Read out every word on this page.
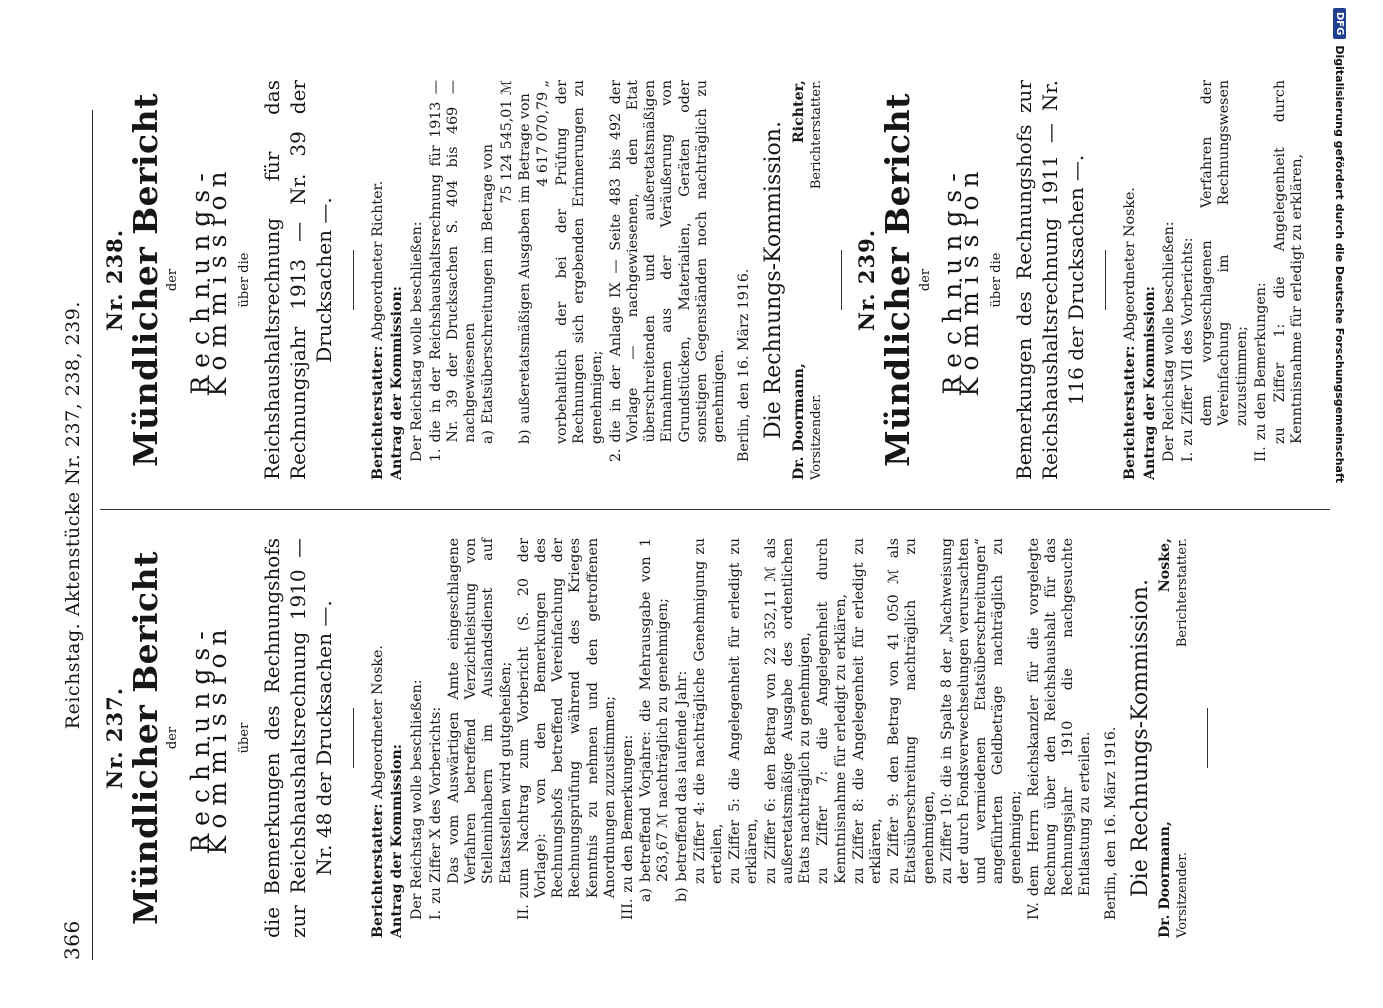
366
Reichstag. Aktenstücke Nr. 237, 238, 239.
Nr. 237. Mündlicher Bericht der Rechnungs-Kommission über die Bemerkungen des Rechnungshofs zur Reichshaushaltsrechnung 1910 — Nr. 48 der Drucksachen —. Berichterstatter: Abgeordneter Noske.
Antrag der Kommission: Der Reichstag wolle beschließen: I.
zu Ziffer X des Vorberichts: Das vom Auswärtigen Amte eingeschlagene Verfahren betreffend Verzichtleistung von Stelleninhabern im Auslandsdienst auf Etatsstellen wird gutgeheißen;
II.
zum Nachtrag zum Vorbericht (S. 20 der Vorlage): von den Bemerkungen des Rechnungshofs betreffend Vereinfachung der Rechnungsprüfung während des Krieges Kenntnis zu nehmen und den getroffenen Anordnungen zuzustimmen;
III.
zu den Bemerkungen:
a)
betreffend Vorjahre: die Mehrausgabe von 1 263,67 ℳ nachträglich zu genehmigen;
b)
betreffend das laufende Jahr: zu Ziffer 4: die nachträgliche Genehmigung zu erteilen, zu Ziffer 5: die Angelegenheit für erledigt zu erklären, zu Ziffer 6: den Betrag von 22 352,11 ℳ als außeretatsmäßige Ausgabe des ordentlichen Etats nachträglich zu genehmigen, zu Ziffer 7: die Angelegenheit durch Kenntnisnahme für erledigt zu erklären, zu Ziffer 8: die Angelegenheit für erledigt zu erklären, zu Ziffer 9: den Betrag von 41 050 ℳ als Etatsüberschreitung nachträglich zu genehmigen, zu Ziffer 10: die in Spalte 8 der „Nachweisung der durch Fondsverwechselungen verursachten und vermiedenen Etatsüberschreitungen“ angeführten Geldbeträge nachträglich zu genehmigen;
IV.
dem Herrn Reichskanzler für die vorgelegte Rechnung über den Reichshaushalt für das Rechnungsjahr 1910 die nachgesuchte Entlastung zu erteilen. Berlin, den 16. März 1916. Die Rechnungs-Kommission. Dr. Doormann, Vorsitzender.
Noske, Berichterstatter.
Nr. 238. Mündlicher Bericht der Rechnungs-Kommission über die Reichshaushaltsrechnung für das Rechnungsjahr 1913 — Nr. 39 der Drucksachen —.
Berichterstatter: Abgeordneter Richter.
Antrag der Kommission: Der Reichstag wolle beschließen: 1.
die in der Reichshaushaltsrechnung für 1913 — Nr. 39 der Drucksachen S. 404 bis 469 — nachgewiesenen a)
Etatsüberschreitungen im Betrage von
75 124 545,01 ℳ
b)
außeretatsmäßigen Ausgaben im Betrage von 4 617 070,79 „ vorbehaltlich der bei der Prüfung der Rechnungen sich ergebenden Erinnerungen zu genehmigen;
2.
die in der Anlage IX — Seite 483 bis 492 der Vorlage — nachgewiesenen, den Etat überschreitenden und außeretatsmäßigen Einnahmen aus der Veräußerung von Grundstücken, Materialien, Geräten oder sonstigen Gegenständen noch nachträglich zu genehmigen. Berlin, den 16. März 1916. Die Rechnungs-Kommission. Dr. Doormann, Vorsitzender.
Richter, Berichterstatter.
Nr. 239. Mündlicher Bericht der Rechnungs-Kommission über die Bemerkungen des Rechnungshofs zur Reichshaushaltsrechnung 1911 — Nr. 116 der Drucksachen —.
Berichterstatter: Abgeordneter Noske.
Antrag der Kommission: Der Reichstag wolle beschließen: I.
zu Ziffer VII des Vorberichts: dem vorgeschlagenen Verfahren der Vereinfachung im Rechnungswesen zuzustimmen;
II.
zu den Bemerkungen: zu Ziffer 1: die Angelegenheit durch Kenntnisnahme für erledigt zu erklären,
DFG
Digitalisierung gefördert durch die Deutsche Forschungsgemeinschaft
